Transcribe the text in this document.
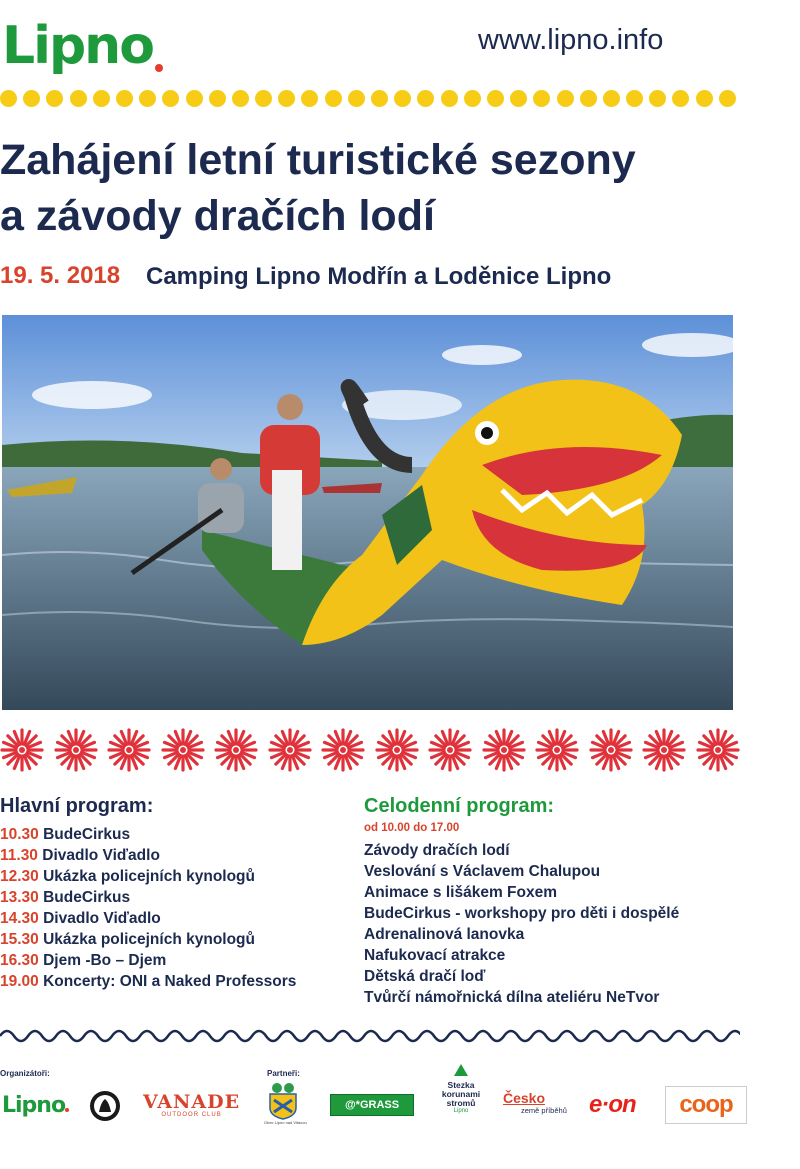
Lipno	www.lipno.info
Zahájení letní turistické sezony
a závody dračích lodí
19. 5. 2018 Camping Lipno Modřín a Loděnice Lipno
Hlavní program:
10.30 BudeCirkus
11.30 Divadlo Viďadlo
12.30 Ukázka policejních kynologů
13.30 BudeCirkus
14.30 Divadlo Viďadlo
15.30 Ukázka policejních kynologů
16.30 Djem -Bo – Djem
19.00 Koncerty: ONI a Naked Professors
Celodenní program:
od 10.00 do 17.00
Závody dračích lodí
Veslování s Václavem Chalupou
Animace s lišákem Foxem
BudeCirkus - workshopy pro děti i dospělé
Adrenalinová lanovka
Nafukovací atrakce
Dětská dračí loď
Tvůrčí námořnická dílna ateliéru NeTvor
Organizátoři:	Partneři:
Lipno	VANADE
OUTDOOR CLUB
Obec Lipno nad Vltavou
@*GRASS
Stezka korunami stromů
Lipno
Česko
země příběhů e·on	coop
